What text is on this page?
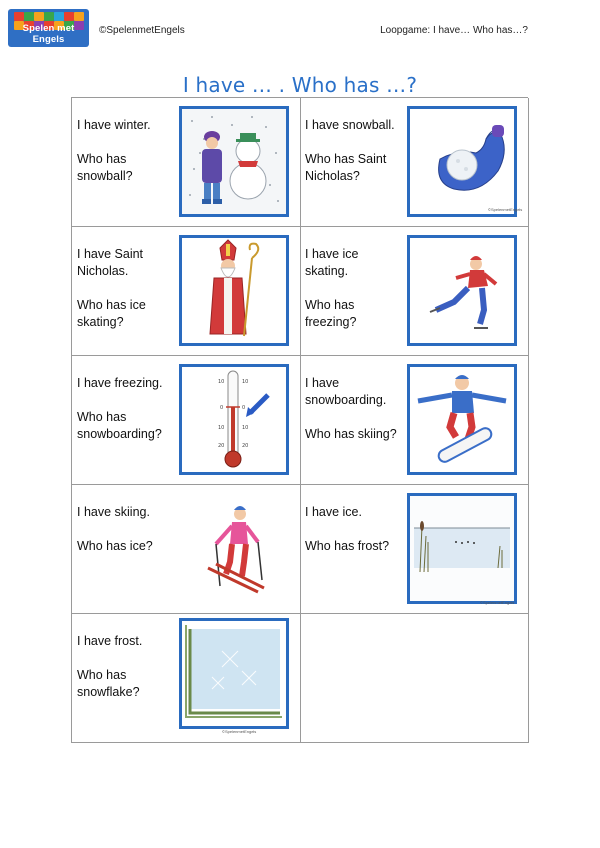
Spelen met Engels
©SpelenmetEngels	Loopgame: I have… Who has…?
I have … . Who has …?

I have winter.

Who has snowball?

I have snowball.

Who has Saint Nicholas?

©SpelenmetEngels

I have Saint Nicholas.

Who has ice skating?

I have ice skating.

Who has freezing?

I have freezing.

Who has snowboarding?

10	10
0	0
10	10
20	20

I have snowboarding.

Who has skiing?

I have skiing.

Who has ice?

I have ice.

Who has frost?

©SpelenmetEngels

I have frost.

Who has snowflake?

©SpelenmetEngels
